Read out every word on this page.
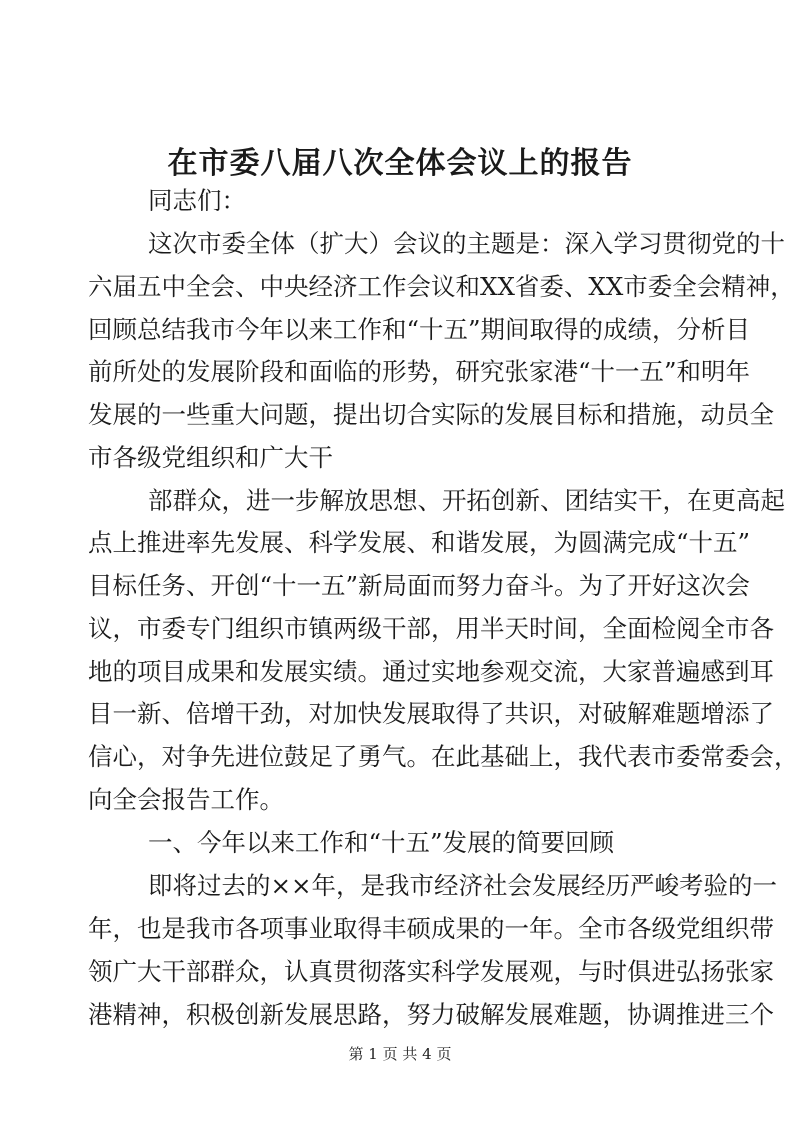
在市委八届八次全体会议上的报告

同志们：

这次市委全体（扩大）会议的主题是：深入学习贯彻党的十

六届五中全会、中央经济工作会议和XX省委、XX市委全会精神，

回顾总结我市今年以来工作和“十五”期间取得的成绩，分析目

前所处的发展阶段和面临的形势，研究张家港“十一五”和明年

发展的一些重大问题，提出切合实际的发展目标和措施，动员全

市各级党组织和广大干

部群众，进一步解放思想、开拓创新、团结实干，在更高起

点上推进率先发展、科学发展、和谐发展，为圆满完成“十五”

目标任务、开创“十一五”新局面而努力奋斗。为了开好这次会

议，市委专门组织市镇两级干部，用半天时间，全面检阅全市各

地的项目成果和发展实绩。通过实地参观交流，大家普遍感到耳

目一新、倍增干劲，对加快发展取得了共识，对破解难题增添了

信心，对争先进位鼓足了勇气。在此基础上，我代表市委常委会，

向全会报告工作。

一、今年以来工作和“十五”发展的简要回顾

即将过去的××年，是我市经济社会发展经历严峻考验的一

年，也是我市各项事业取得丰硕成果的一年。全市各级党组织带

领广大干部群众，认真贯彻落实科学发展观，与时俱进弘扬张家

港精神，积极创新发展思路，努力破解发展难题，协调推进三个

第 1 页 共 4 页
